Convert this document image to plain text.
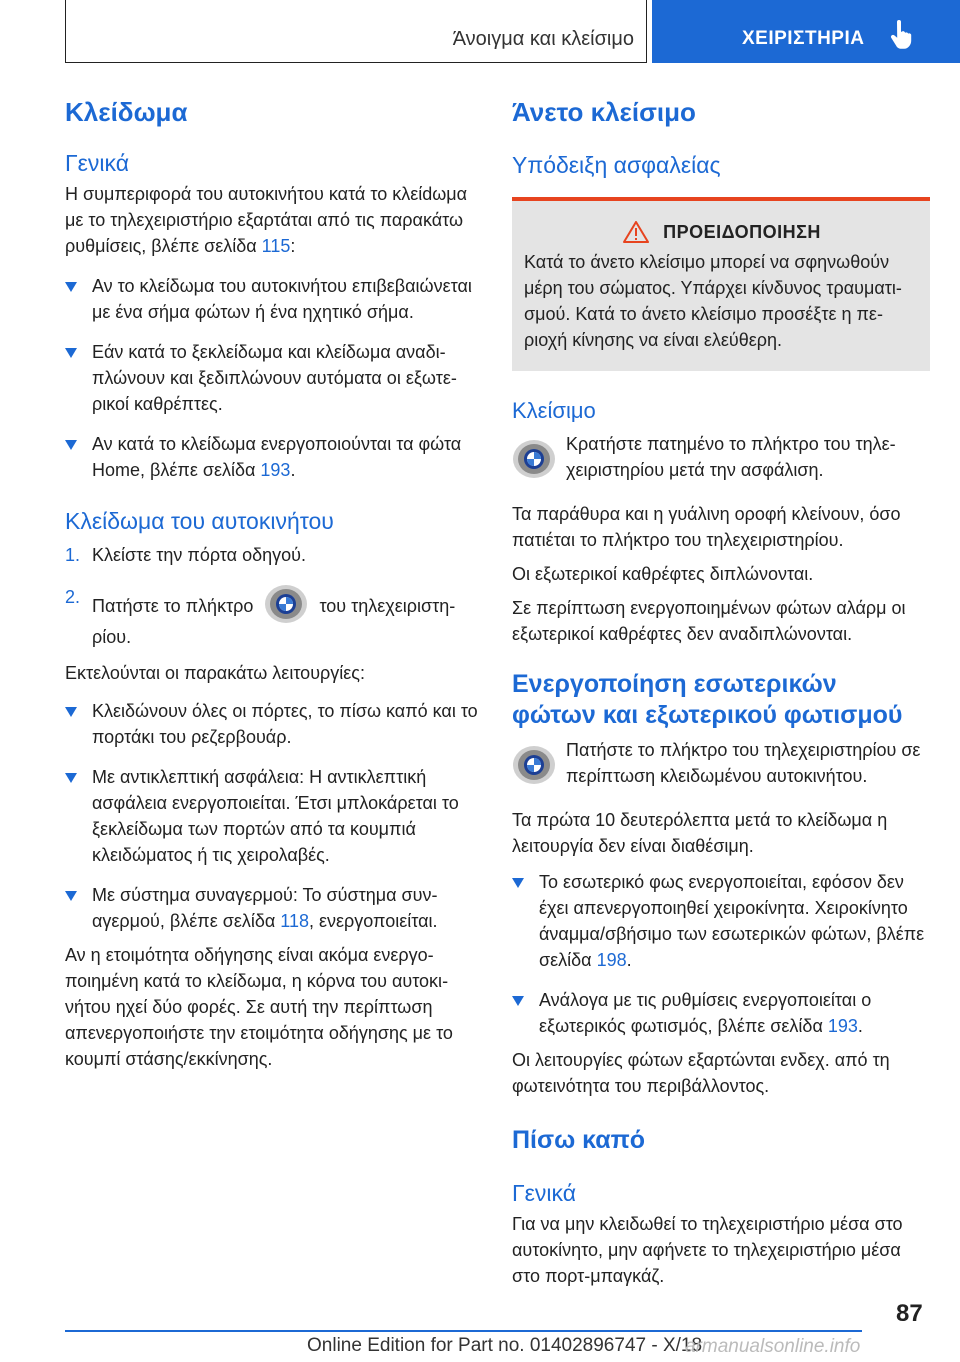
Άνοιγμα και κλείσιμο	ΧΕΙΡΙΣΤΗΡΙΑ
Κλείδωμα
Γενικά

Η συμπεριφορά του αυτοκινήτου κατά το κλείdωμα με το τηλεχειριστήριο εξαρτάται από τις παρακάτω ρυθμίσεις, βλέπε σελίδα 115:

Αν το κλείδωμα του αυτοκινήτου επιβεβαιώνεται με ένα σήμα φώτων ή ένα ηχητικό σήμα.
Εάν κατά το ξεκλείδωμα και κλείδωμα αναδιπλώνουν και ξεδιπλώνουν αυτόματα οι εξωτερικοί καθρέπτες.
Αν κατά το κλείδωμα ενεργοποιούνται τα φώτα Home, βλέπε σελίδα 193.
Κλείδωμα του αυτοκινήτου
1. Κλείστε την πόρτα οδηγού.
2. Πατήστε το πλήκτρο	του τηλεχειριστηρίου.

Εκτελούνται οι παρακάτω λειτουργίες:

Κλειδώνουν όλες οι πόρτες, το πίσω καπό και το πορτάκι του ρεζερβουάρ.
Με αντικλεπτική ασφάλεια: Η αντικλεπτική ασφάλεια ενεργοποιείται. Έτσι μπλοκάρεται το ξεκλείδωμα των πορτών από τα κουμπιά κλειδώματος ή τις χειρολαβές.
Με σύστημα συναγερμού: Το σύστημα συναγερμού, βλέπε σελίδα 118, ενεργοποιείται.

Αν η ετοιμότητα οδήγησης είναι ακόμα ενεργοποιημένη κατά το κλείδωμα, η κόρνα του αυτοκινήτου ηχεί δύο φορές. Σε αυτή την περίπτωση απενεργοποιήστε την ετοιμότητα οδήγησης με το κουμπί στάσης/εκκίνησης.

Άνετο κλείσιμο
Υπόδειξη ασφαλείας
ΠΡΟΕΙΔΟΠΟΙΗΣΗ

Κατά το άνετο κλείσιμο μπορεί να σφηνωθούν μέρη του σώματος. Υπάρχει κίνδυνος τραυματισμού. Κατά το άνετο κλείσιμο προσέξτε η περιοχή κίνησης να είναι ελεύθερη.

Κλείσιμο

Κρατήστε πατημένο το πλήκτρο του τηλεχειριστηρίου μετά την ασφάλιση.

Τα παράθυρα και η γυάλινη οροφή κλείνουν, όσο πατιέται το πλήκτρο του τηλεχειριστηρίου.

Οι εξωτερικοί καθρέφτες διπλώνονται.

Σε περίπτωση ενεργοποιημένων φώτων αλάρμ οι εξωτερικοί καθρέφτες δεν αναδιπλώνονται.

Ενεργοποίηση εσωτερικών
φώτων και εξωτερικού φωτισμού

Πατήστε το πλήκτρο του τηλεχειριστηρίου σε περίπτωση κλειδωμένου αυτοκινήτου.

Τα πρώτα 10 δευτερόλεπτα μετά το κλείδωμα η λειτουργία δεν είναι διαθέσιμη.

Το εσωτερικό φως ενεργοποιείται, εφόσον δεν έχει απενεργοποιηθεί χειροκίνητα. Χειροκίνητο άναμμα/σβήσιμο των εσωτερικών φώτων, βλέπε σελίδα 198.
Ανάλογα με τις ρυθμίσεις ενεργοποιείται ο εξωτερικός φωτισμός, βλέπε σελίδα 193.

Οι λειτουργίες φώτων εξαρτώνται ενδεχ. από τη φωτεινότητα του περιβάλλοντος.

Πίσω καπό
Γενικά

Για να μην κλειδωθεί το τηλεχειριστήριο μέσα στο αυτοκίνητο, μην αφήνετε το τηλεχειριστήριο μέσα στο πορτ-μπαγκάζ.

87
Online Edition for Part no. 01402896747 - X/18
armanualsonline.info
